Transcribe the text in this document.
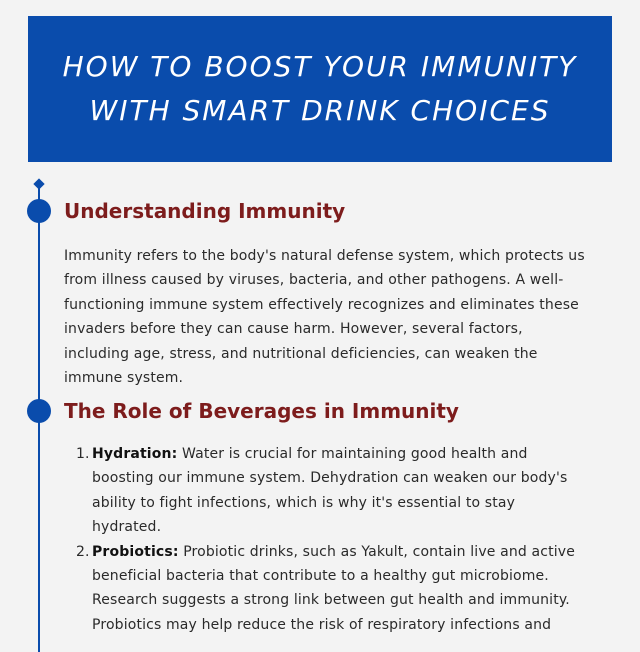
HOW TO BOOST YOUR IMMUNITY
WITH SMART DRINK CHOICES
Understanding Immunity
Immunity refers to the body's natural defense system, which protects us
from illness caused by viruses, bacteria, and other pathogens. A well-
functioning immune system effectively recognizes and eliminates these
invaders before they can cause harm. However, several factors,
including age, stress, and nutritional deficiencies, can weaken the
immune system.
The Role of Beverages in Immunity
1. Hydration: Water is crucial for maintaining good health and
boosting our immune system. Dehydration can weaken our body's
ability to fight infections, which is why it's essential to stay
hydrated.
2. Probiotics: Probiotic drinks, such as Yakult, contain live and active
beneficial bacteria that contribute to a healthy gut microbiome.
Research suggests a strong link between gut health and immunity.
Probiotics may help reduce the risk of respiratory infections and
